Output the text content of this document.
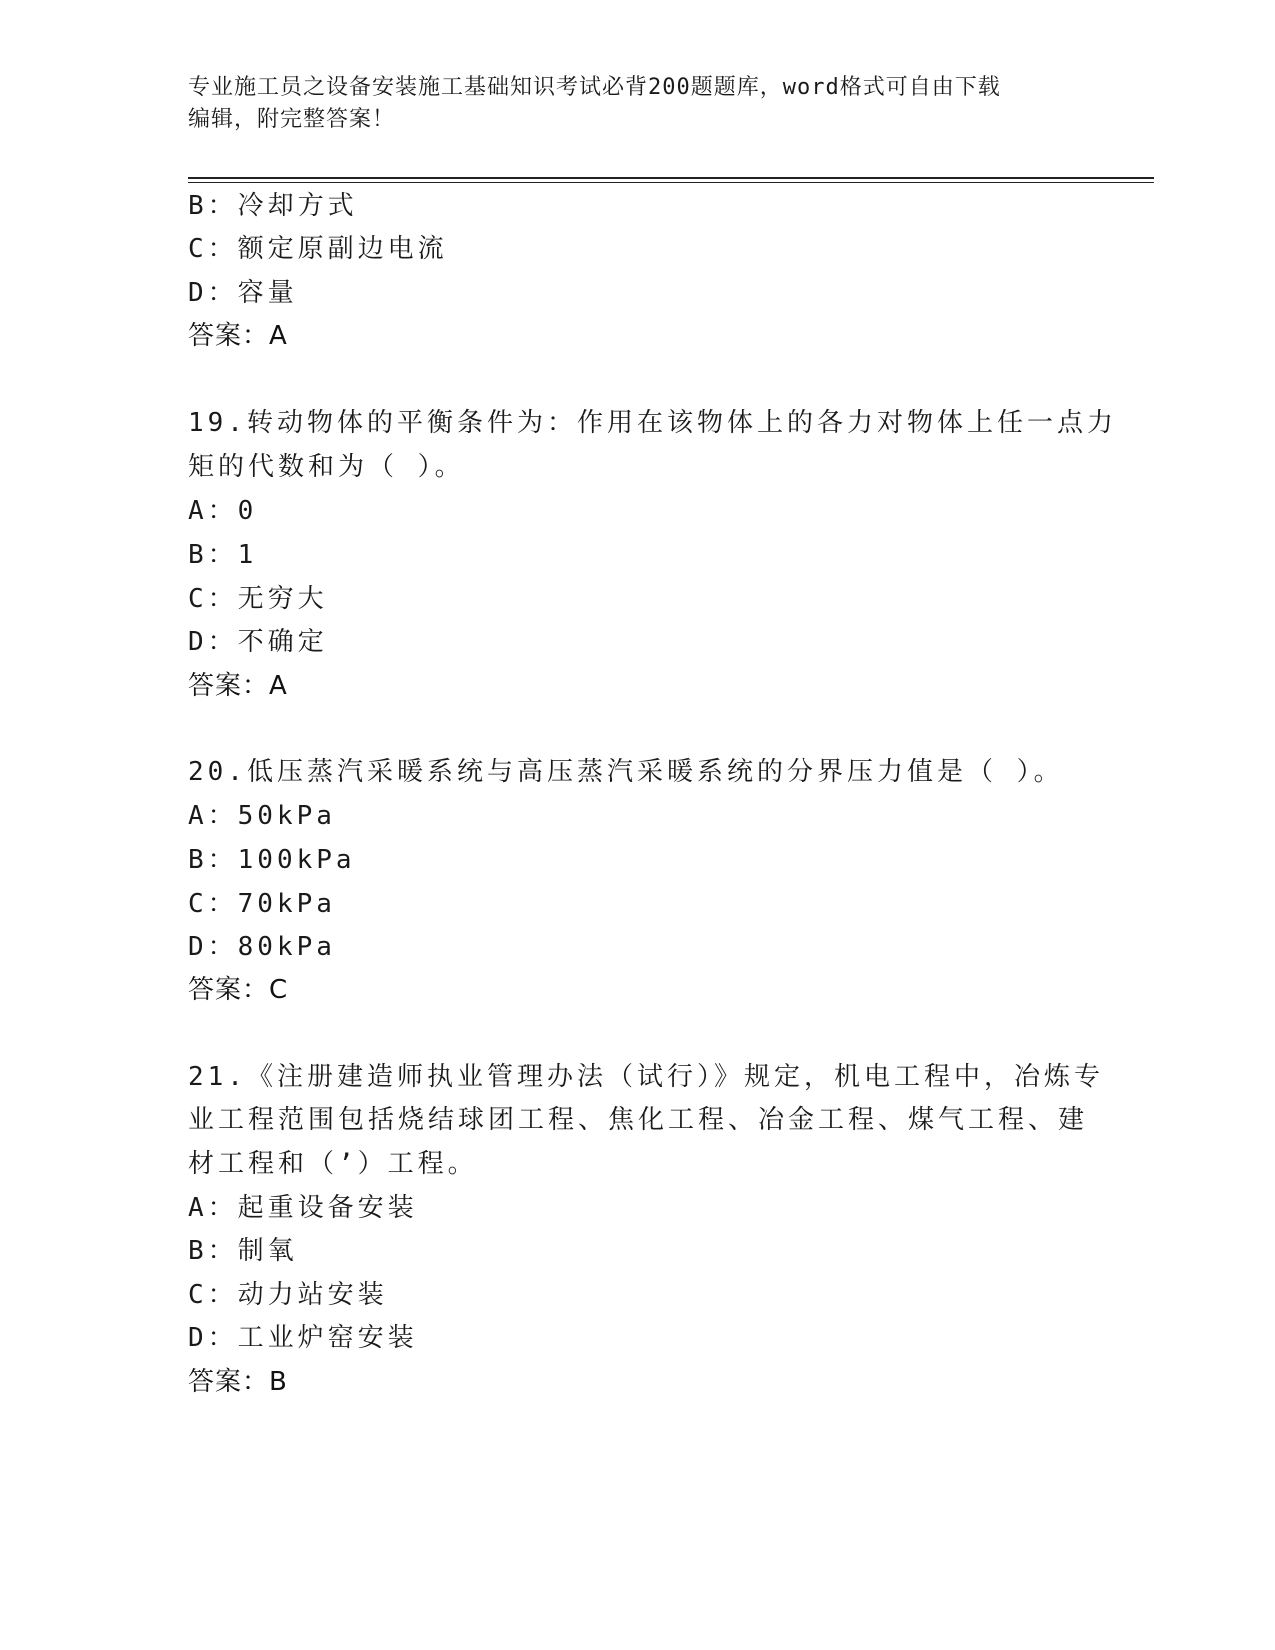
专业施工员之设备安装施工基础知识考试必背200题题库，word格式可自由下载
编辑，附完整答案！
B：冷却方式
C：额定原副边电流
D：容量
答案：A
19.转动物体的平衡条件为：作用在该物体上的各力对物体上任一点力
矩的代数和为（ ）。
A：0
B：1
C：无穷大
D：不确定
答案：A
20.低压蒸汽采暖系统与高压蒸汽采暖系统的分界压力值是（ ）。
A：50kPa
B：100kPa
C：70kPa
D：80kPa
答案：C
21.《注册建造师执业管理办法（试行）》规定，机电工程中，冶炼专
业工程范围包括烧结球团工程、焦化工程、冶金工程、煤气工程、建
材工程和（’）工程。
A：起重设备安装
B：制氧
C：动力站安装
D：工业炉窑安装
答案：B
